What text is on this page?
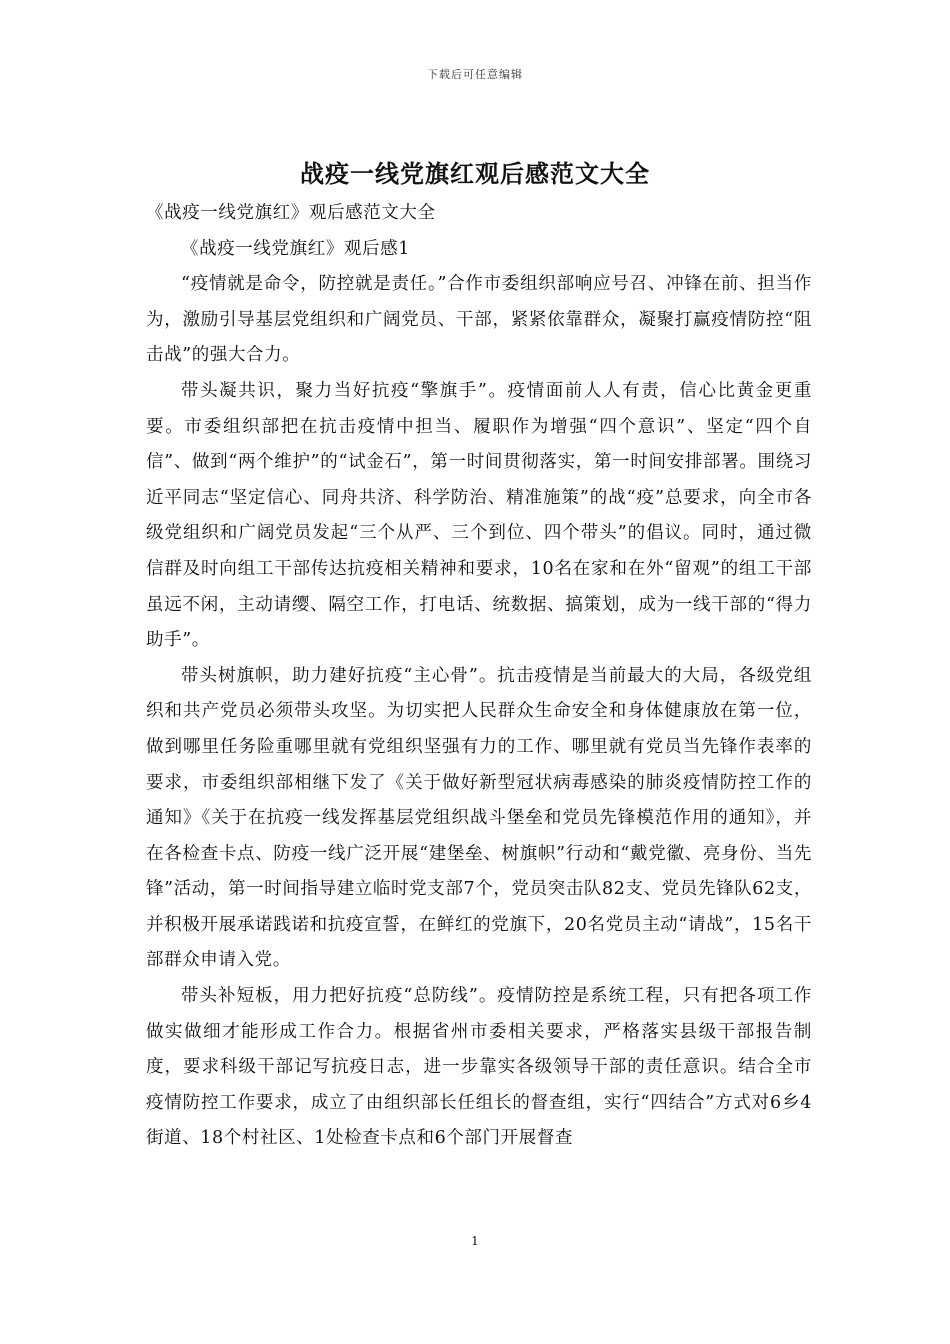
下载后可任意编辑
战疫一线党旗红观后感范文大全

《战疫一线党旗红》观后感范文大全

《战疫一线党旗红》观后感1

“疫情就是命令，防控就是责任。”合作市委组织部响应号召、冲锋在前、担当作为，激励引导基层党组织和广阔党员、干部，紧紧依靠群众，凝聚打赢疫情防控“阻击战”的强大合力。

带头凝共识，聚力当好抗疫“擎旗手”。疫情面前人人有责，信心比黄金更重要。市委组织部把在抗击疫情中担当、履职作为增强“四个意识”、坚定“四个自信”、做到“两个维护”的“试金石”，第一时间贯彻落实，第一时间安排部署。围绕习近平同志“坚定信心、同舟共济、科学防治、精准施策”的战“疫”总要求，向全市各级党组织和广阔党员发起“三个从严、三个到位、四个带头”的倡议。同时，通过微信群及时向组工干部传达抗疫相关精神和要求，10名在家和在外“留观”的组工干部虽远不闲，主动请缨、隔空工作，打电话、统数据、搞策划，成为一线干部的“得力助手”。

带头树旗帜，助力建好抗疫“主心骨”。抗击疫情是当前最大的大局，各级党组织和共产党员必须带头攻坚。为切实把人民群众生命安全和身体健康放在第一位，做到哪里任务险重哪里就有党组织坚强有力的工作、哪里就有党员当先锋作表率的要求，市委组织部相继下发了《关于做好新型冠状病毒感染的肺炎疫情防控工作的通知》《关于在抗疫一线发挥基层党组织战斗堡垒和党员先锋模范作用的通知》，并在各检查卡点、防疫一线广泛开展“建堡垒、树旗帜”行动和“戴党徽、亮身份、当先锋”活动，第一时间指导建立临时党支部7个，党员突击队82支、党员先锋队62支，并积极开展承诺践诺和抗疫宣誓，在鲜红的党旗下，20名党员主动“请战”，15名干部群众申请入党。

带头补短板，用力把好抗疫“总防线”。疫情防控是系统工程，只有把各项工作做实做细才能形成工作合力。根据省州市委相关要求，严格落实县级干部报告制度，要求科级干部记写抗疫日志，进一步靠实各级领导干部的责任意识。结合全市疫情防控工作要求，成立了由组织部长任组长的督查组，实行“四结合”方式对6乡4街道、18个村社区、1处检查卡点和6个部门开展督查

1
